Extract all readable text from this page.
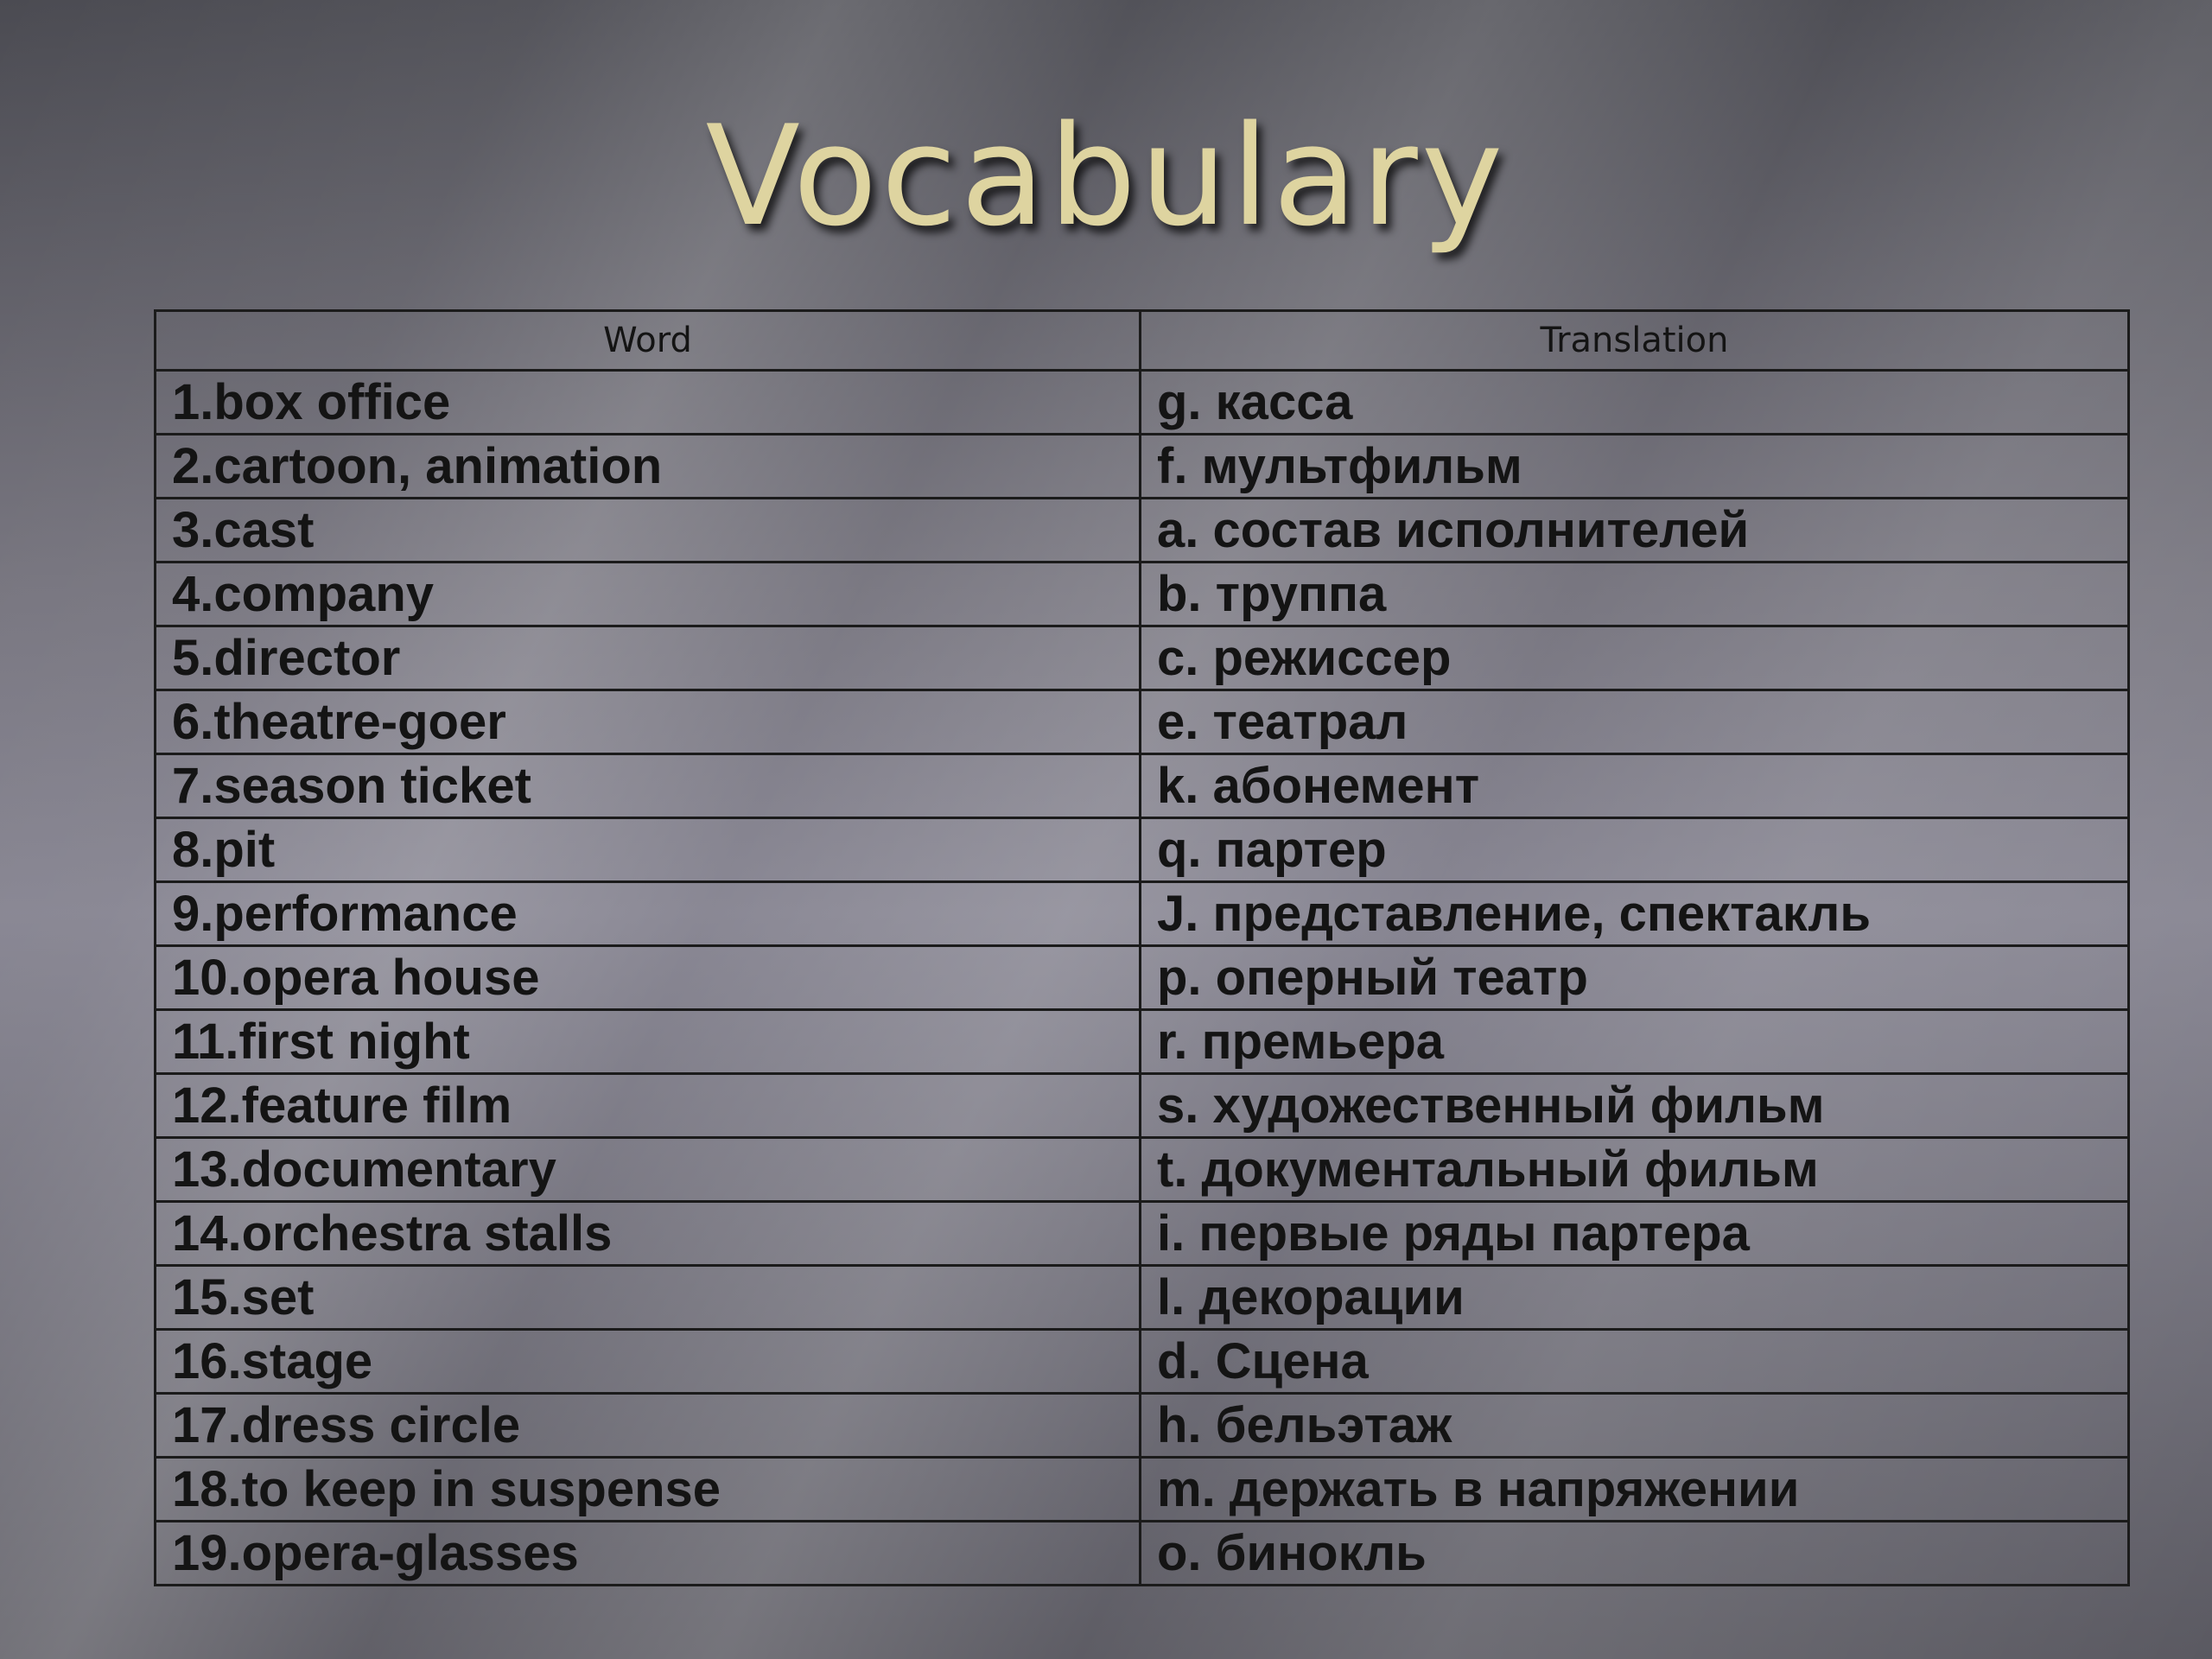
Vocabulary
Word	Translation
1.box office	g. касса
2.cartoon, animation	f. мультфильм
3.cast	a. состав исполнителей
4.company	b. труппа
5.director	c. режиссер
6.theatre-goer	e. театрал
7.season ticket	k. абонемент
8.pit	q. партер
9.performance	J. представление, спектакль
10.opera house	p. оперный театр
11.first night	r. премьера
12.feature film	s. художественный фильм
13.documentary	t. документальный фильм
14.orchestra stalls	i. первые ряды партера
15.set	l. декорации
16.stage	d. Сцена
17.dress circle	h. бельэтаж
18.to keep in suspense	m. держать в напряжении
19.opera-glasses	o. бинокль
